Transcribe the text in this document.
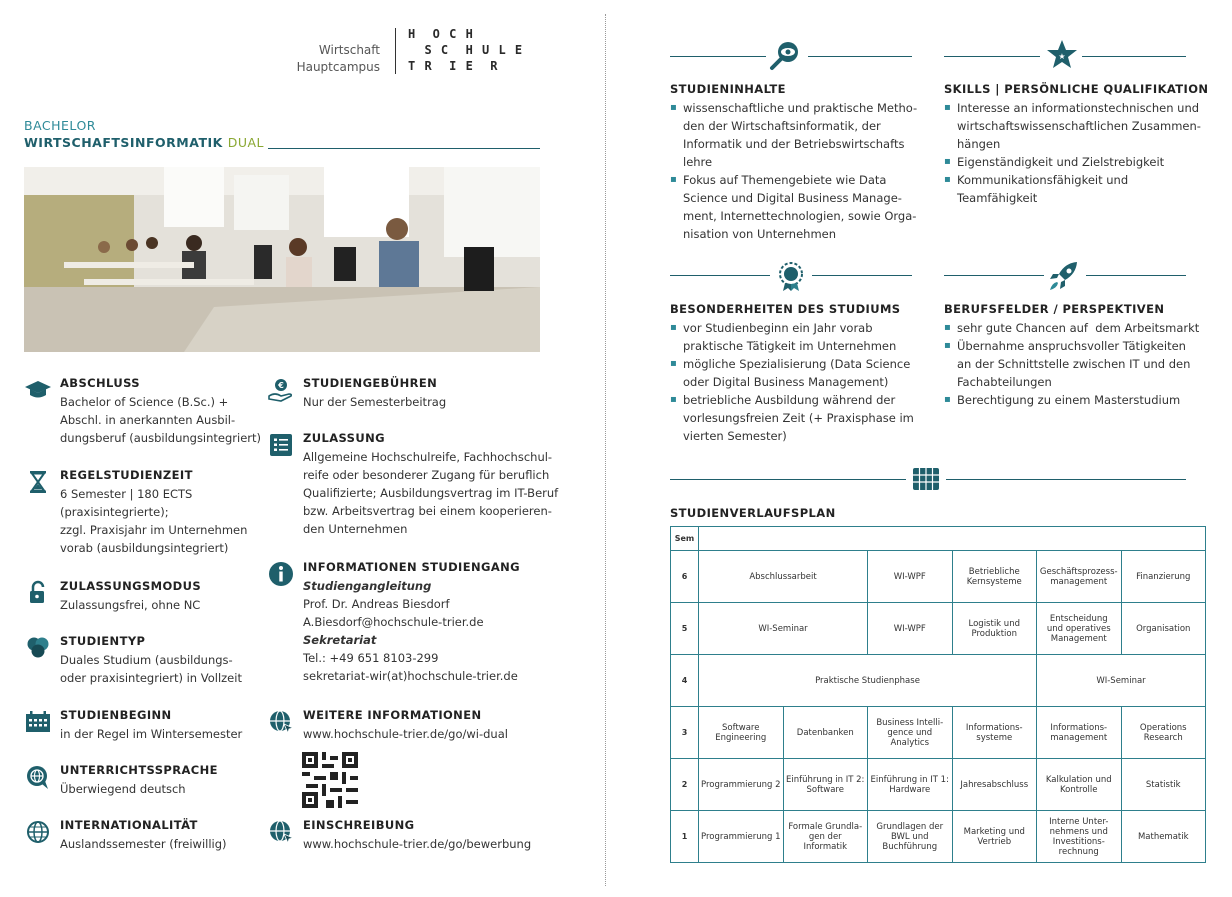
Wirtschaft
Hauptcampus
H  O C H
S C  H U L E
T R  I E  R
BACHELOR
WIRTSCHAFTSINFORMATIK DUAL
ABSCHLUSS
Bachelor of Science (B.Sc.) +
Abschl. in anerkannten Ausbil-
dungsberuf (ausbildungsintegriert)
REGELSTUDIENZEIT
6 Semester | 180 ECTS
(praxisintegrierte);
zzgl. Praxisjahr im Unternehmen
vorab (ausbildungsintegriert)
ZULASSUNGSMODUS
Zulassungsfrei, ohne NC
STUDIENTYP
Duales Studium (ausbildungs-
oder praxisintegriert) in Vollzeit
STUDIENBEGINN
in der Regel im Wintersemester
UNTERRICHTSSPRACHE
Überwiegend deutsch
INTERNATIONALITÄT
Auslandssemester (freiwillig)
€ STUDIENGEBÜHREN
Nur der Semesterbeitrag
ZULASSUNG
Allgemeine Hochschulreife, Fachhochschul-
reife oder besonderer Zugang für beruflich
Qualifizierte; Ausbildungsvertrag im IT-Beruf
bzw. Arbeitsvertrag bei einem kooperieren-
den Unternehmen
INFORMATIONEN STUDIENGANG
Studiengangleitung
Prof. Dr. Andreas Biesdorf
A.Biesdorf@hochschule-trier.de
Sekretariat
Tel.: +49 651 8103-299
sekretariat-wir(at)hochschule-trier.de
WEITERE INFORMATIONEN
www.hochschule-trier.de/go/wi-dual
EINSCHREIBUNG
www.hochschule-trier.de/go/bewerbung
STUDIENINHALTE
▪ wissenschaftliche und praktische Metho-
den der Wirtschaftsinformatik, der
Informatik und der Betriebswirtschafts
lehre
▪ Fokus auf Themengebiete wie Data
Science und Digital Business Manage-
ment, Internettechnologien, sowie Orga-
nisation von Unternehmen
★
SKILLS | PERSÖNLICHE QUALIFIKATION
▪ Interesse an informationstechnischen und
wirtschaftswissenschaftlichen Zusammen-
hängen
▪ Eigenständigkeit und Zielstrebigkeit
▪ Kommunikationsfähigkeit und
Teamfähigkeit
BESONDERHEITEN DES STUDIUMS
▪ vor Studienbeginn ein Jahr vorab
praktische Tätigkeit im Unternehmen
▪ mögliche Spezialisierung (Data Science
oder Digital Business Management)
▪ betriebliche Ausbildung während der
vorlesungsfreien Zeit (+ Praxisphase im
vierten Semester)
BERUFSFELDER / PERSPEKTIVEN
▪ sehr gute Chancen auf  dem Arbeitsmarkt
▪ Übernahme anspruchsvoller Tätigkeiten
an der Schnittstelle zwischen IT und den
Fachabteilungen
▪ Berechtigung zu einem Masterstudium
STUDIENVERLAUFSPLAN
Sem						
6	Abschlussarbeit		WI-WPF	Betriebliche
Kernsysteme	Geschäftsprozess-
management	Finanzierung
5	WI-Seminar		WI-WPF	Logistik und
Produktion	Entscheidung
und operatives
Management	Organisation
4	Praktische Studienphase				WI-Seminar	
3	Software
Engineering	Datenbanken	Business Intelli-
gence und
Analytics	Informations-
systeme	Informations-
management	Operations
Research
2	Programmierung 2	Einführung in IT 2:
Software	Einführung in IT 1:
Hardware	Jahresabschluss	Kalkulation und
Kontrolle	Statistik
1	Programmierung 1	Formale Grundla-
gen der
Informatik	Grundlagen der
BWL und
Buchführung	Marketing und
Vertrieb	Interne Unter-
nehmens und
Investitions-
rechnung	Mathematik
